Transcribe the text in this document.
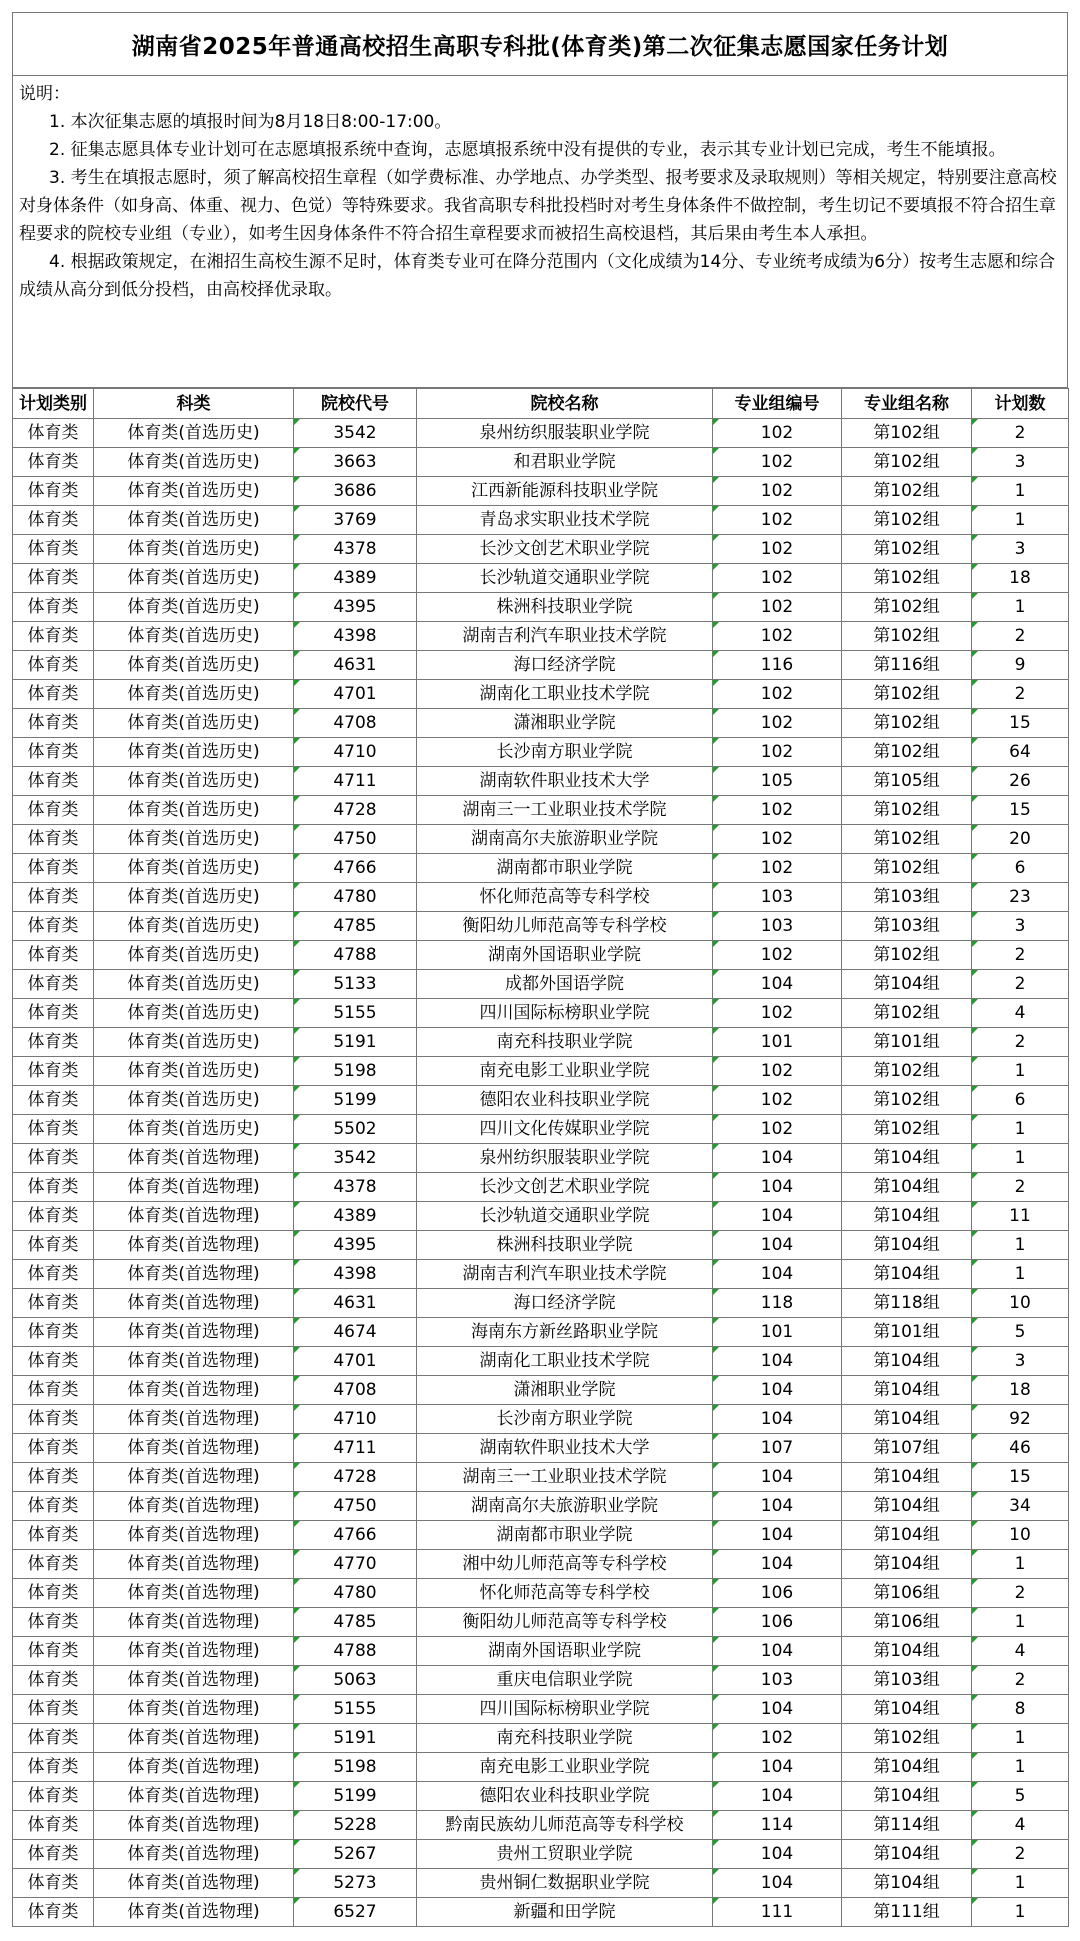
湖南省2025年普通高校招生高职专科批(体育类)第二次征集志愿国家任务计划

说明：

1. 本次征集志愿的填报时间为8月18日8:00-17:00。

2. 征集志愿具体专业计划可在志愿填报系统中查询，志愿填报系统中没有提供的专业，表示其专业计划已完成，考生不能填报。

3. 考生在填报志愿时，须了解高校招生章程（如学费标准、办学地点、办学类型、报考要求及录取规则）等相关规定，特别要注意高校对身体条件（如身高、体重、视力、色觉）等特殊要求。我省高职专科批投档时对考生身体条件不做控制，考生切记不要填报不符合招生章程要求的院校专业组（专业），如考生因身体条件不符合招生章程要求而被招生高校退档，其后果由考生本人承担。

4. 根据政策规定，在湘招生高校生源不足时，体育类专业可在降分范围内（文化成绩为14分、专业统考成绩为6分）按考生志愿和综合成绩从高分到低分投档，由高校择优录取。

计划类别	科类	院校代号	院校名称	专业组编号	专业组名称	计划数
体育类	体育类(首选历史)	3542	泉州纺织服装职业学院	102	第102组	2
体育类	体育类(首选历史)	3663	和君职业学院	102	第102组	3
体育类	体育类(首选历史)	3686	江西新能源科技职业学院	102	第102组	1
体育类	体育类(首选历史)	3769	青岛求实职业技术学院	102	第102组	1
体育类	体育类(首选历史)	4378	长沙文创艺术职业学院	102	第102组	3
体育类	体育类(首选历史)	4389	长沙轨道交通职业学院	102	第102组	18
体育类	体育类(首选历史)	4395	株洲科技职业学院	102	第102组	1
体育类	体育类(首选历史)	4398	湖南吉利汽车职业技术学院	102	第102组	2
体育类	体育类(首选历史)	4631	海口经济学院	116	第116组	9
体育类	体育类(首选历史)	4701	湖南化工职业技术学院	102	第102组	2
体育类	体育类(首选历史)	4708	潇湘职业学院	102	第102组	15
体育类	体育类(首选历史)	4710	长沙南方职业学院	102	第102组	64
体育类	体育类(首选历史)	4711	湖南软件职业技术大学	105	第105组	26
体育类	体育类(首选历史)	4728	湖南三一工业职业技术学院	102	第102组	15
体育类	体育类(首选历史)	4750	湖南高尔夫旅游职业学院	102	第102组	20
体育类	体育类(首选历史)	4766	湖南都市职业学院	102	第102组	6
体育类	体育类(首选历史)	4780	怀化师范高等专科学校	103	第103组	23
体育类	体育类(首选历史)	4785	衡阳幼儿师范高等专科学校	103	第103组	3
体育类	体育类(首选历史)	4788	湖南外国语职业学院	102	第102组	2
体育类	体育类(首选历史)	5133	成都外国语学院	104	第104组	2
体育类	体育类(首选历史)	5155	四川国际标榜职业学院	102	第102组	4
体育类	体育类(首选历史)	5191	南充科技职业学院	101	第101组	2
体育类	体育类(首选历史)	5198	南充电影工业职业学院	102	第102组	1
体育类	体育类(首选历史)	5199	德阳农业科技职业学院	102	第102组	6
体育类	体育类(首选历史)	5502	四川文化传媒职业学院	102	第102组	1
体育类	体育类(首选物理)	3542	泉州纺织服装职业学院	104	第104组	1
体育类	体育类(首选物理)	4378	长沙文创艺术职业学院	104	第104组	2
体育类	体育类(首选物理)	4389	长沙轨道交通职业学院	104	第104组	11
体育类	体育类(首选物理)	4395	株洲科技职业学院	104	第104组	1
体育类	体育类(首选物理)	4398	湖南吉利汽车职业技术学院	104	第104组	1
体育类	体育类(首选物理)	4631	海口经济学院	118	第118组	10
体育类	体育类(首选物理)	4674	海南东方新丝路职业学院	101	第101组	5
体育类	体育类(首选物理)	4701	湖南化工职业技术学院	104	第104组	3
体育类	体育类(首选物理)	4708	潇湘职业学院	104	第104组	18
体育类	体育类(首选物理)	4710	长沙南方职业学院	104	第104组	92
体育类	体育类(首选物理)	4711	湖南软件职业技术大学	107	第107组	46
体育类	体育类(首选物理)	4728	湖南三一工业职业技术学院	104	第104组	15
体育类	体育类(首选物理)	4750	湖南高尔夫旅游职业学院	104	第104组	34
体育类	体育类(首选物理)	4766	湖南都市职业学院	104	第104组	10
体育类	体育类(首选物理)	4770	湘中幼儿师范高等专科学校	104	第104组	1
体育类	体育类(首选物理)	4780	怀化师范高等专科学校	106	第106组	2
体育类	体育类(首选物理)	4785	衡阳幼儿师范高等专科学校	106	第106组	1
体育类	体育类(首选物理)	4788	湖南外国语职业学院	104	第104组	4
体育类	体育类(首选物理)	5063	重庆电信职业学院	103	第103组	2
体育类	体育类(首选物理)	5155	四川国际标榜职业学院	104	第104组	8
体育类	体育类(首选物理)	5191	南充科技职业学院	102	第102组	1
体育类	体育类(首选物理)	5198	南充电影工业职业学院	104	第104组	1
体育类	体育类(首选物理)	5199	德阳农业科技职业学院	104	第104组	5
体育类	体育类(首选物理)	5228	黔南民族幼儿师范高等专科学校	114	第114组	4
体育类	体育类(首选物理)	5267	贵州工贸职业学院	104	第104组	2
体育类	体育类(首选物理)	5273	贵州铜仁数据职业学院	104	第104组	1
体育类	体育类(首选物理)	6527	新疆和田学院	111	第111组	1
